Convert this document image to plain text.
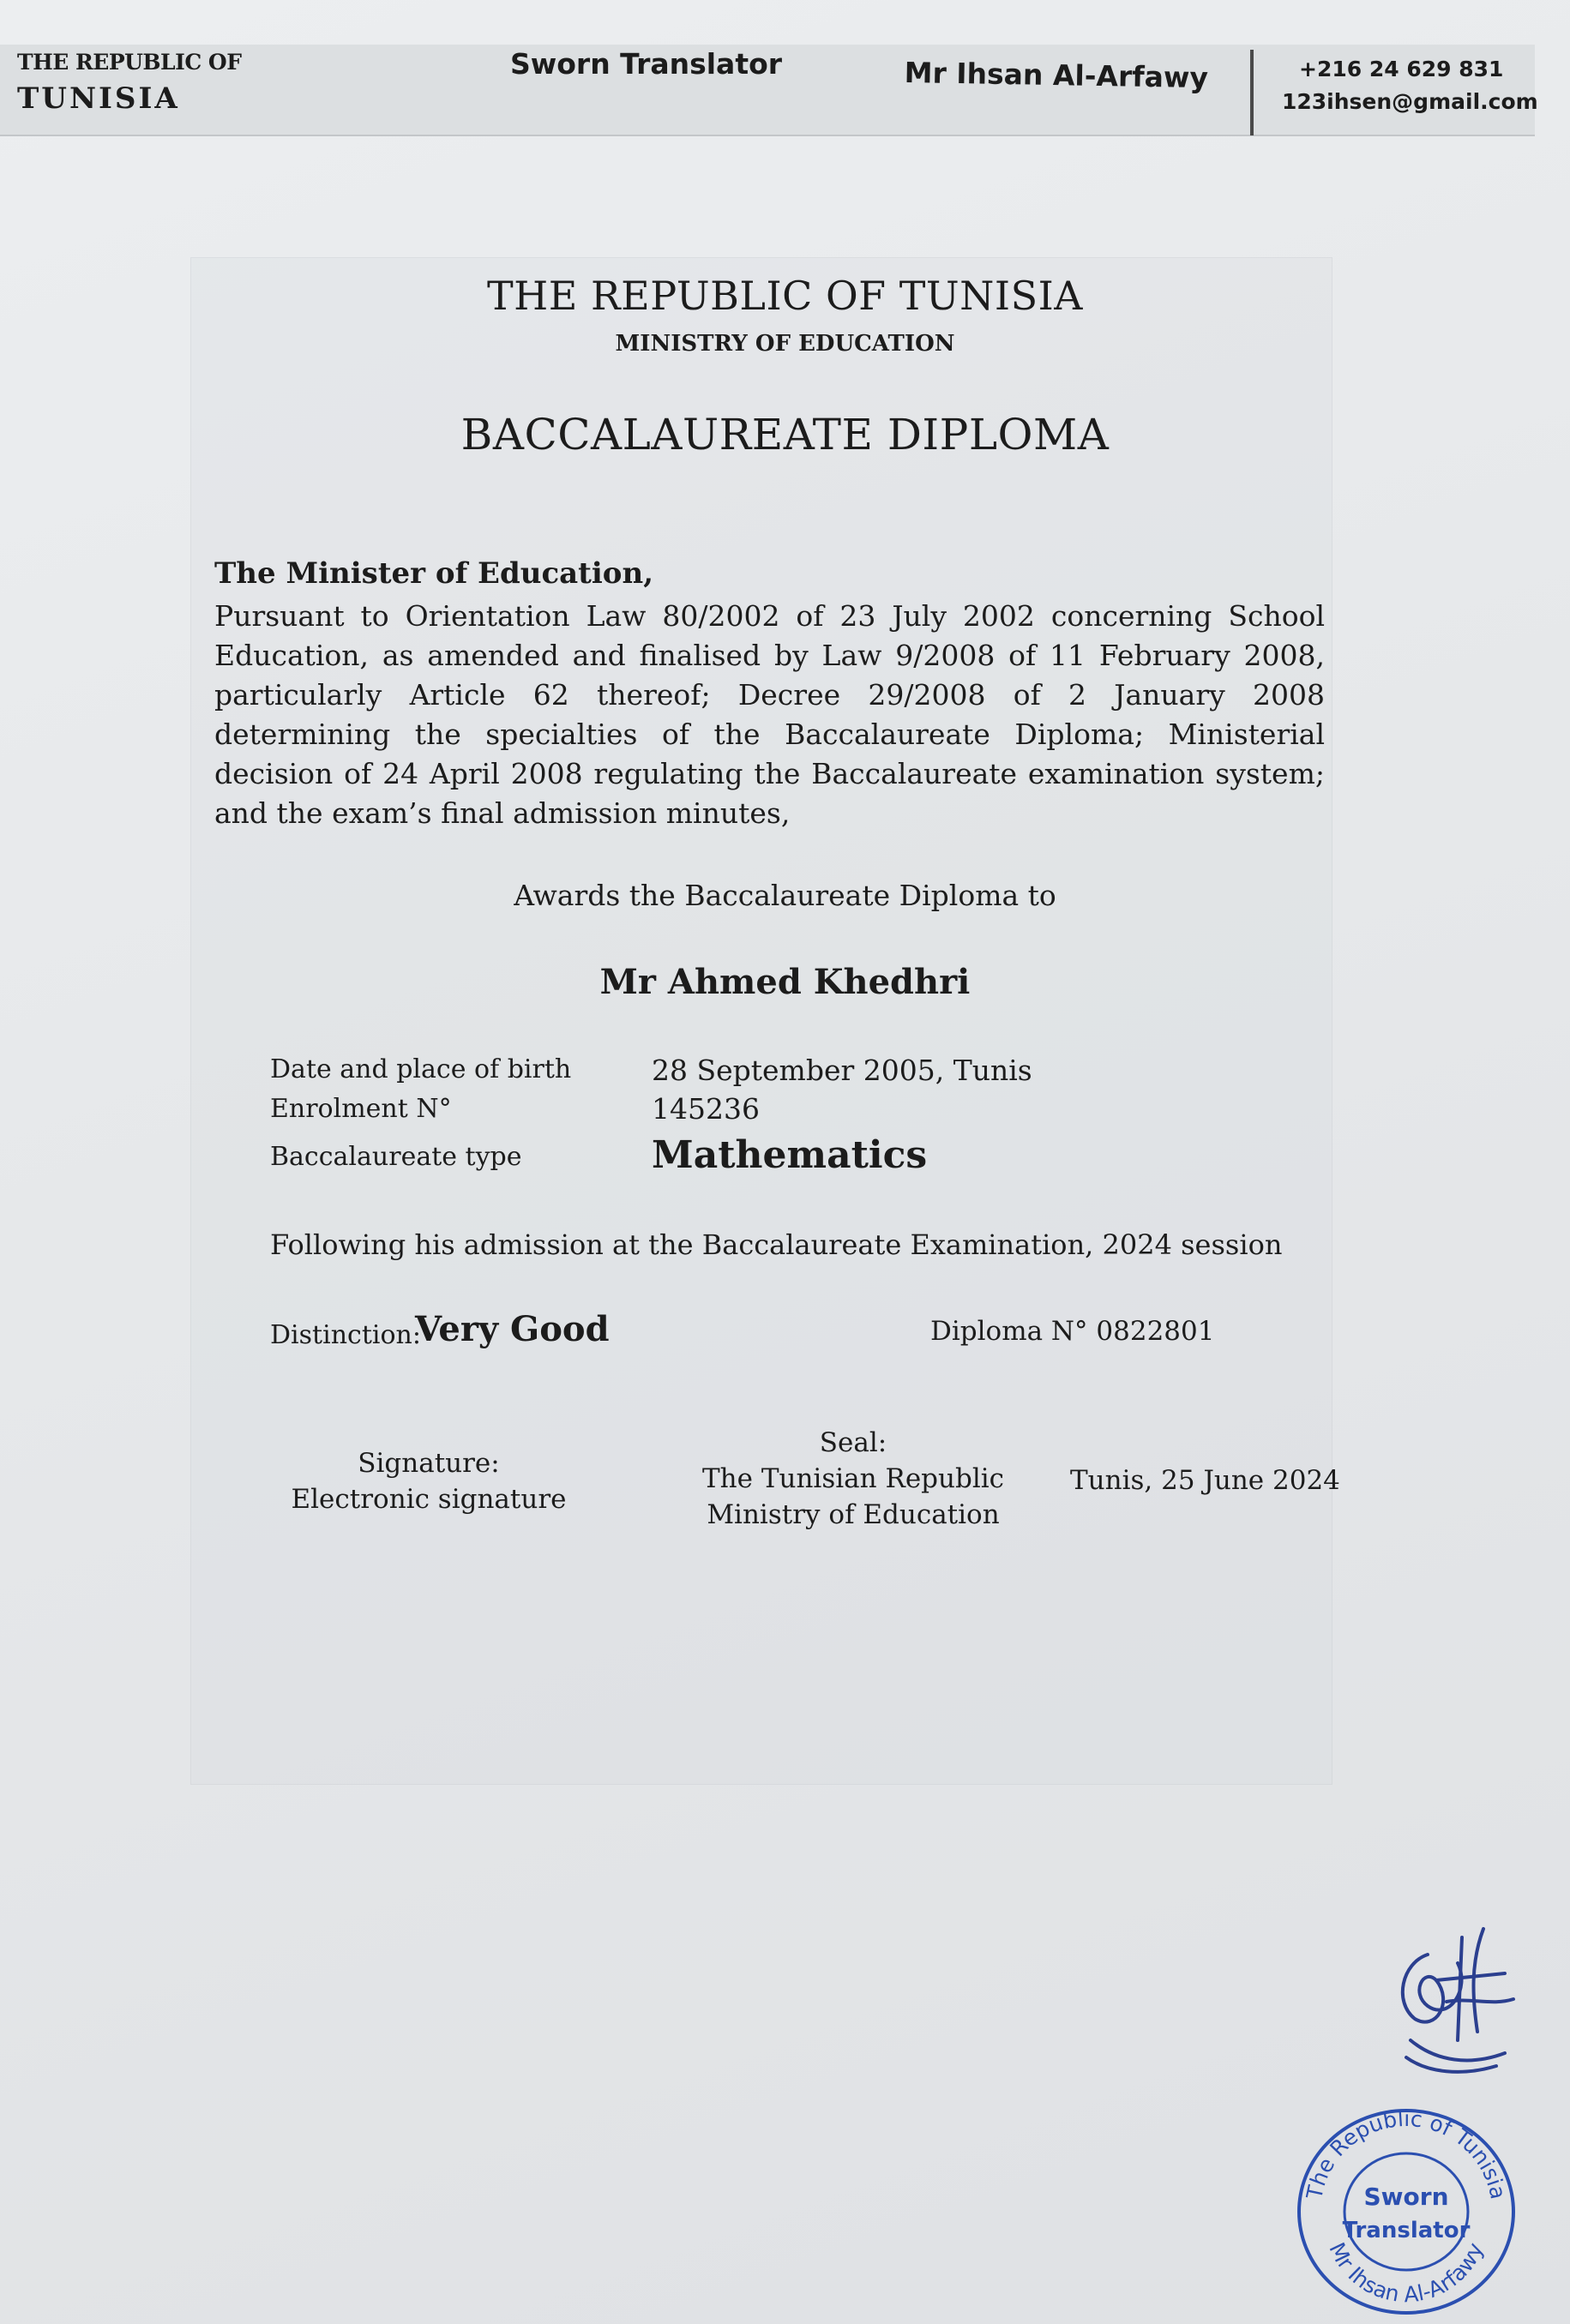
THE REPUBLIC OF
TUNISIA
Sworn Translator	Mr Ihsan Al-Arfawy	+216 24 629 831
123ihsen@gmail.com
THE REPUBLIC OF TUNISIA
MINISTRY OF EDUCATION
BACCALAUREATE DIPLOMA
The Minister of Education,
Pursuant to Orientation Law 80/2002 of 23 July 2002 concerning School Education, as amended and finalised by Law 9/2008 of 11 February 2008, particularly Article 62 thereof; Decree 29/2008 of 2 January 2008 determining the specialties of the Baccalaureate Diploma; Ministerial decision of 24 April 2008 regulating the Baccalaureate examination system; and the exam’s final admission minutes,
Awards the Baccalaureate Diploma to
Mr Ahmed Khedhri
Date and place of birth	28 September 2005, Tunis
Enrolment N°	145236
Baccalaureate type	Mathematics
Following his admission at the Baccalaureate Examination, 2024 session
Distinction:
Very Good	Diploma N° 0822801
Signature:
Electronic signature
Seal:
The Tunisian Republic
Ministry of Education
Tunis, 25 June 2024
The Republic of Tunisia
Mr Ihsan Al-Arfawy
Sworn
Translator
